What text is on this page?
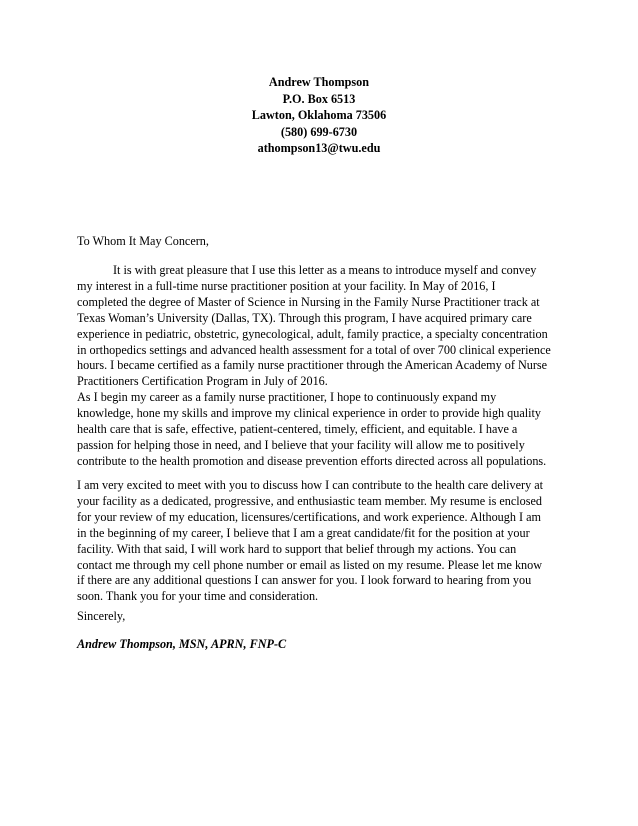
Andrew Thompson
P.O. Box 6513
Lawton, Oklahoma 73506
(580) 699-6730
athompson13@twu.edu
To Whom It May Concern,
It is with great pleasure that I use this letter as a means to introduce myself and convey
my interest in a full-time nurse practitioner position at your facility. In May of 2016, I
completed the degree of Master of Science in Nursing in the Family Nurse Practitioner track at
Texas Woman’s University (Dallas, TX). Through this program, I have acquired primary care
experience in pediatric, obstetric, gynecological, adult, family practice, a specialty concentration
in orthopedics settings and advanced health assessment for a total of over 700 clinical experience
hours. I became certified as a family nurse practitioner through the American Academy of Nurse
Practitioners Certification Program in July of 2016.
As I begin my career as a family nurse practitioner, I hope to continuously expand my
knowledge, hone my skills and improve my clinical experience in order to provide high quality
health care that is safe, effective, patient-centered, timely, efficient, and equitable. I have a
passion for helping those in need, and I believe that your facility will allow me to positively
contribute to the health promotion and disease prevention efforts directed across all populations.
I am very excited to meet with you to discuss how I can contribute to the health care delivery at
your facility as a dedicated, progressive, and enthusiastic team member. My resume is enclosed
for your review of my education, licensures/certifications, and work experience. Although I am
in the beginning of my career, I believe that I am a great candidate/fit for the position at your
facility. With that said, I will work hard to support that belief through my actions. You can
contact me through my cell phone number or email as listed on my resume. Please let me know
if there are any additional questions I can answer for you. I look forward to hearing from you
soon. Thank you for your time and consideration.
Sincerely,
Andrew Thompson, MSN, APRN, FNP-C
